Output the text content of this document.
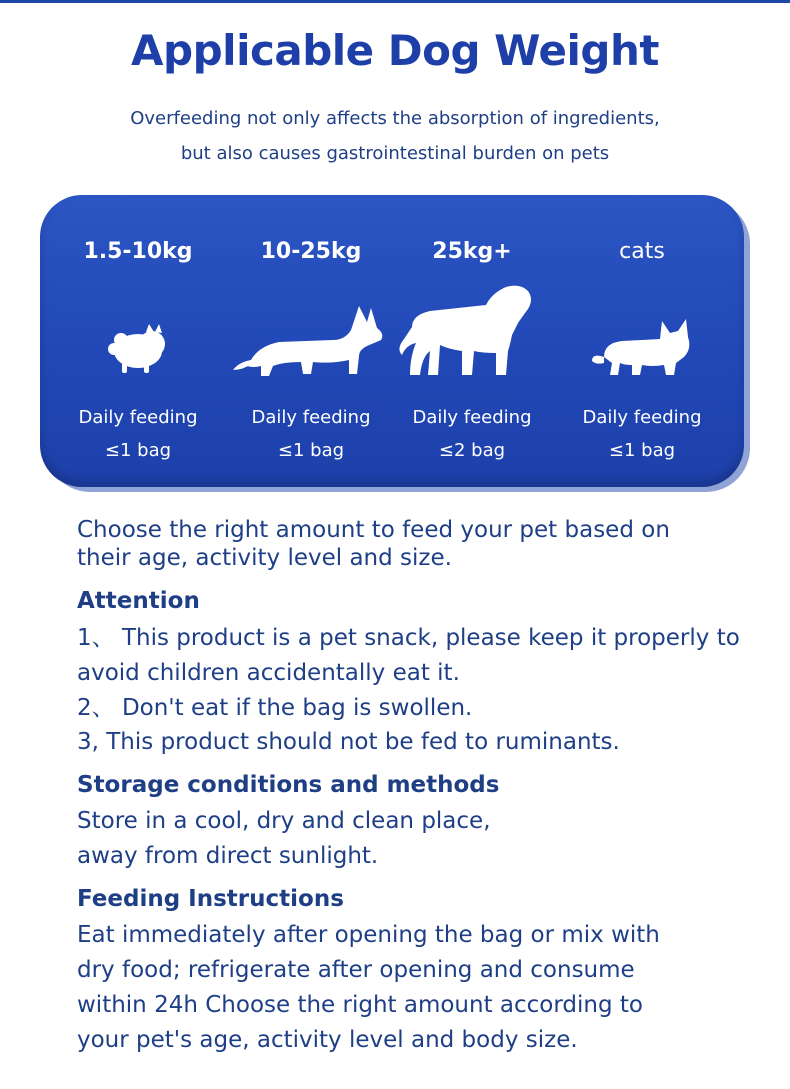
Applicable Dog Weight
Overfeeding not only affects the absorption of ingredients,
but also causes gastrointestinal burden on pets
1.5-10kg
Daily feeding
≤1 bag
10-25kg
Daily feeding
≤1 bag
25kg+
Daily feeding
≤2 bag
cats
Daily feeding
≤1 bag
Choose the right amount to feed your pet based on
their age, activity level and size.
Attention
1、 This product is a pet snack, please keep it properly to
avoid children accidentally eat it.
2、 Don't eat if the bag is swollen.
3, This product should not be fed to ruminants.
Storage conditions and methods
Store in a cool, dry and clean place,
away from direct sunlight.
Feeding Instructions
Eat immediately after opening the bag or mix with
dry food; refrigerate after opening and consume
within 24h Choose the right amount according to
your pet's age, activity level and body size.
